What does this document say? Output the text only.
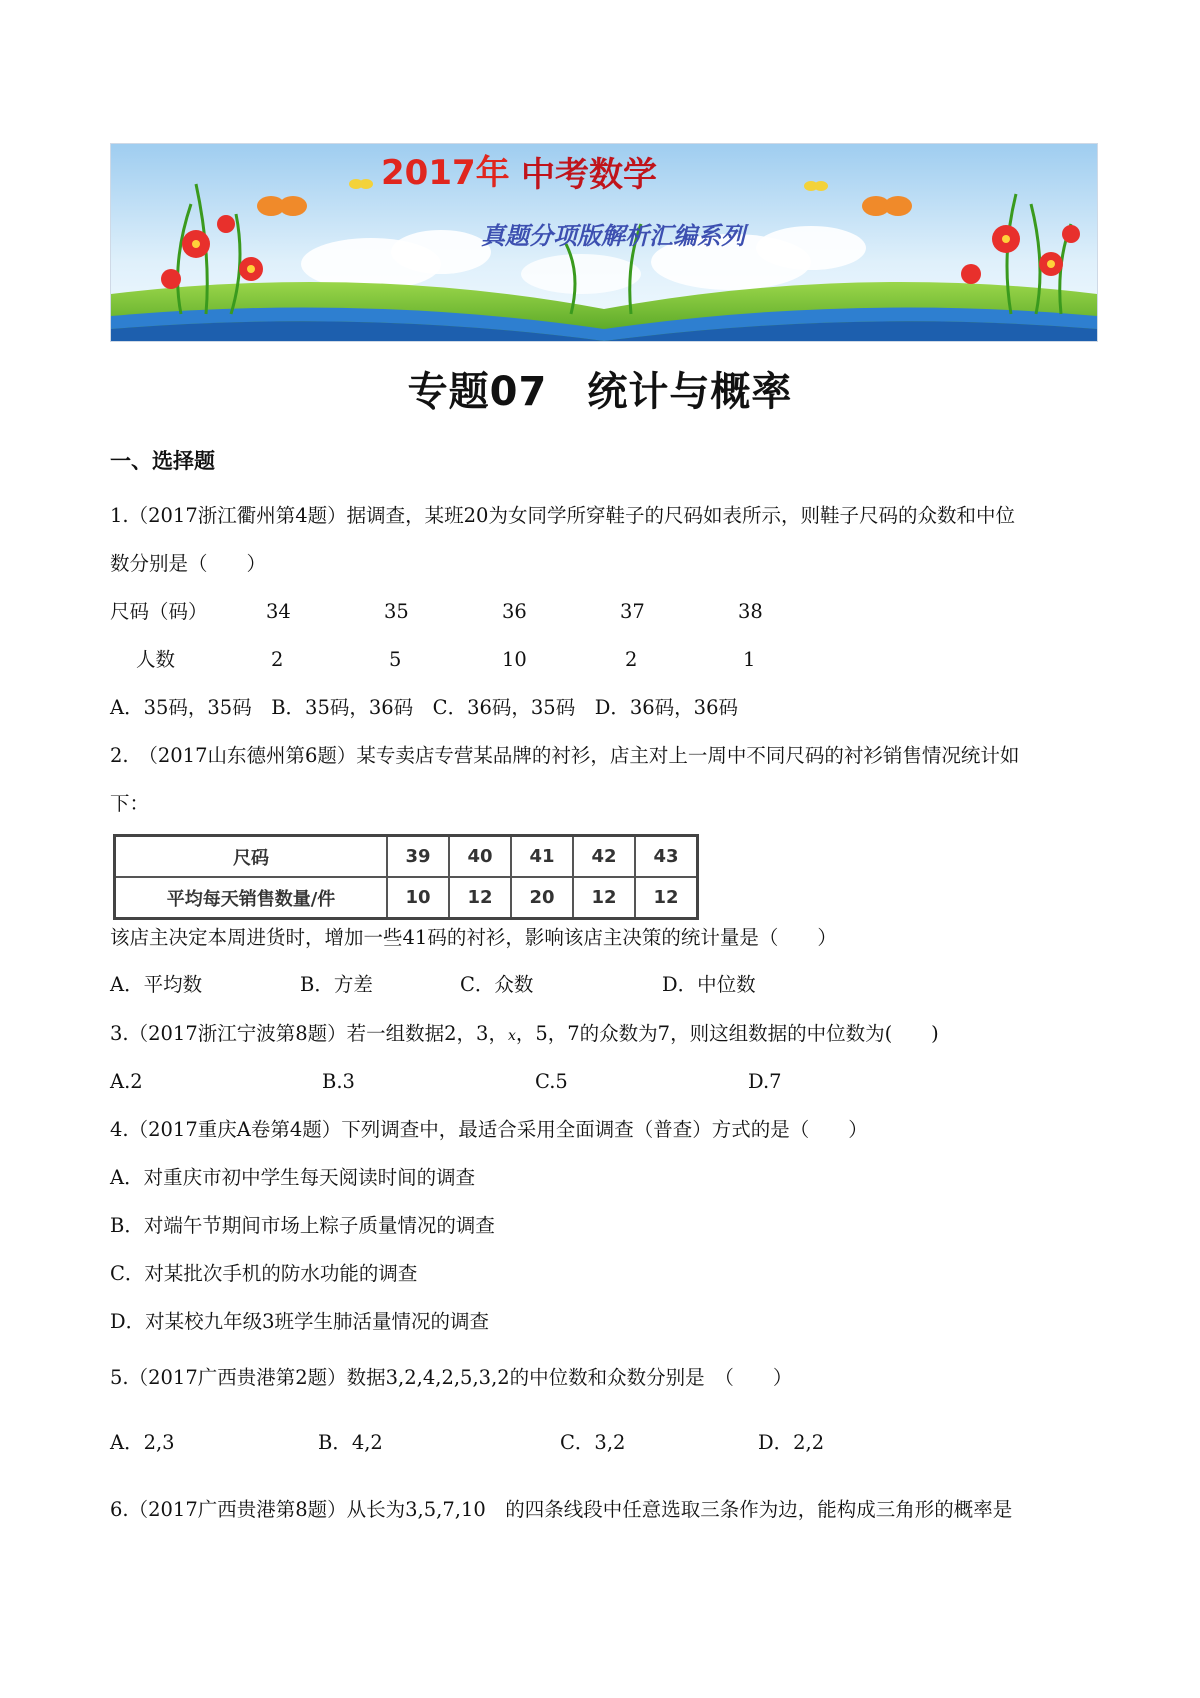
2017年 中考数学
真题分项版解析汇编系列
专题07 统计与概率
一、选择题
1.（2017浙江衢州第4题）据调查，某班20为女同学所穿鞋子的尺码如表所示，则鞋子尺码的众数和中位
数分别是（　　）
尺码（码）	34	35	36	37	38
人数	2	5	10	2	1
A．35码，35码　B．35码，36码　C．36码，35码　D．36码，36码
2.　（2017山东德州第6题）某专卖店专营某品牌的衬衫，店主对上一周中不同尺码的衬衫销售情况统计如
下：
尺码	39	40	41	42	43
平均每天销售数量/件	10	12	20	12	12
该店主决定本周进货时，增加一些41码的衬衫，影响该店主决策的统计量是（　　）
A．平均数	B．方差	C．众数	D．中位数
3.（2017浙江宁波第8题）若一组数据2，3，x，5，7的众数为7，则这组数据的中位数为(　　)
A.2	B.3	C.5	D.7
4.（2017重庆A卷第4题）下列调查中，最适合采用全面调查（普查）方式的是（　　）
A．对重庆市初中学生每天阅读时间的调查
B．对端午节期间市场上粽子质量情况的调查
C．对某批次手机的防水功能的调查
D．对某校九年级3班学生肺活量情况的调查
5.（2017广西贵港第2题）数据3,2,4,2,5,3,2的中位数和众数分别是　（　　）
A．2,3	B．4,2	C．3,2	D．2,2
6.（2017广西贵港第8题）从长为3,5,7,10　的四条线段中任意选取三条作为边，能构成三角形的概率是
